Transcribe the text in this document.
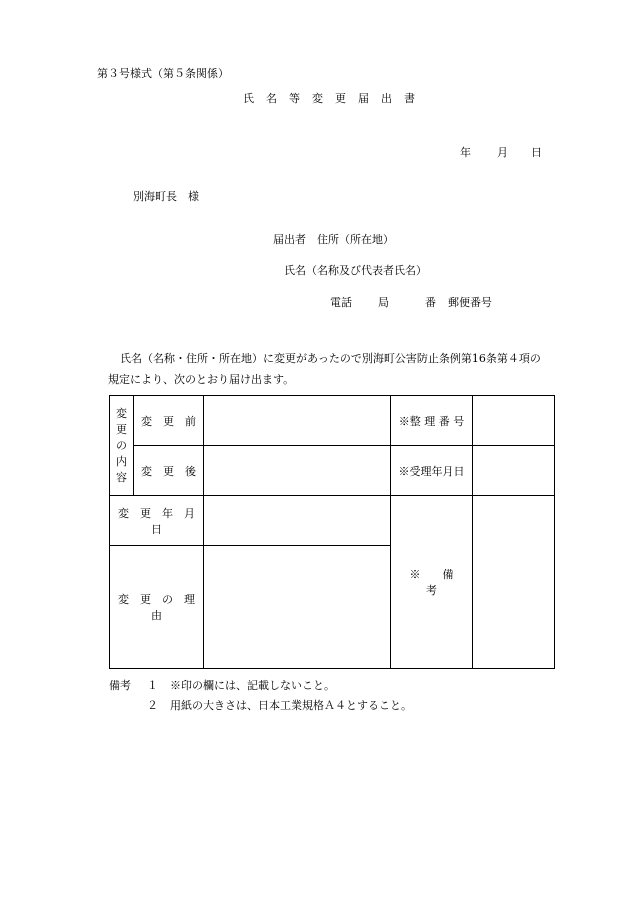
第３号様式（第５条関係）
氏　名　等　変　更　届　出　書
年 月 日
別海町長　様
届出者　住所（所在地）
氏名（名称及び代表者氏名）
電話 局	番 郵便番号
氏名（名称・住所・所在地）に変更があったので別海町公害防止条例第16条第４項の
規定により、次のとおり届け出ます。
変更の内容	変　更　前		※整 理 番 号	
	変　更　後		※受理年月日	
変　更　年　月　日			※　　備　　　考	
変　更　の　理　由				
備考 １ ※印の欄には、記載しないこと。
２ 用紙の大きさは、日本工業規格Ａ４とすること。
